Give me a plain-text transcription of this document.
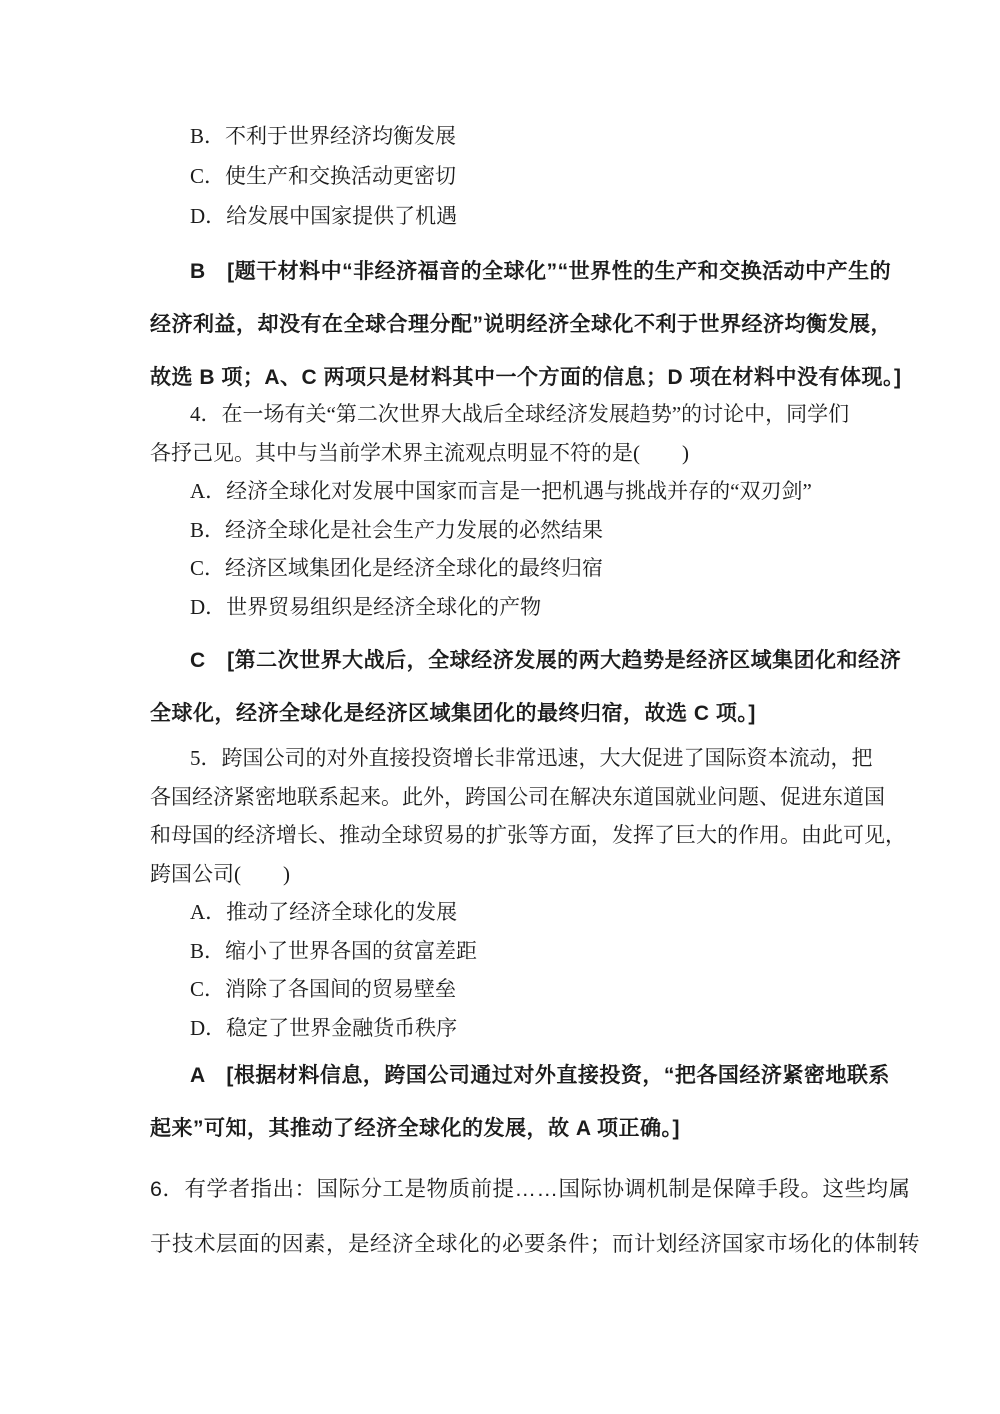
B．不利于世界经济均衡发展
C．使生产和交换活动更密切
D．给发展中国家提供了机遇
B　[题干材料中“非经济福音的全球化”“世界性的生产和交换活动中产生的
经济利益，却没有在全球合理分配”说明经济全球化不利于世界经济均衡发展，
故选 B 项；A、C 两项只是材料其中一个方面的信息；D 项在材料中没有体现。]
4．在一场有关“第二次世界大战后全球经济发展趋势”的讨论中，同学们
各抒己见。其中与当前学术界主流观点明显不符的是(　　)
A．经济全球化对发展中国家而言是一把机遇与挑战并存的“双刃剑”
B．经济全球化是社会生产力发展的必然结果
C．经济区域集团化是经济全球化的最终归宿
D．世界贸易组织是经济全球化的产物
C　[第二次世界大战后，全球经济发展的两大趋势是经济区域集团化和经济
全球化，经济全球化是经济区域集团化的最终归宿，故选 C 项。]
5．跨国公司的对外直接投资增长非常迅速，大大促进了国际资本流动，把
各国经济紧密地联系起来。此外，跨国公司在解决东道国就业问题、促进东道国
和母国的经济增长、推动全球贸易的扩张等方面，发挥了巨大的作用。由此可见，
跨国公司(　　)
A．推动了经济全球化的发展
B．缩小了世界各国的贫富差距
C．消除了各国间的贸易壁垒
D．稳定了世界金融货币秩序
A　[根据材料信息，跨国公司通过对外直接投资，“把各国经济紧密地联系
起来”可知，其推动了经济全球化的发展，故 A 项正确。]
6．有学者指出：国际分工是物质前提……国际协调机制是保障手段。这些均属
于技术层面的因素，是经济全球化的必要条件；而计划经济国家市场化的体制转
